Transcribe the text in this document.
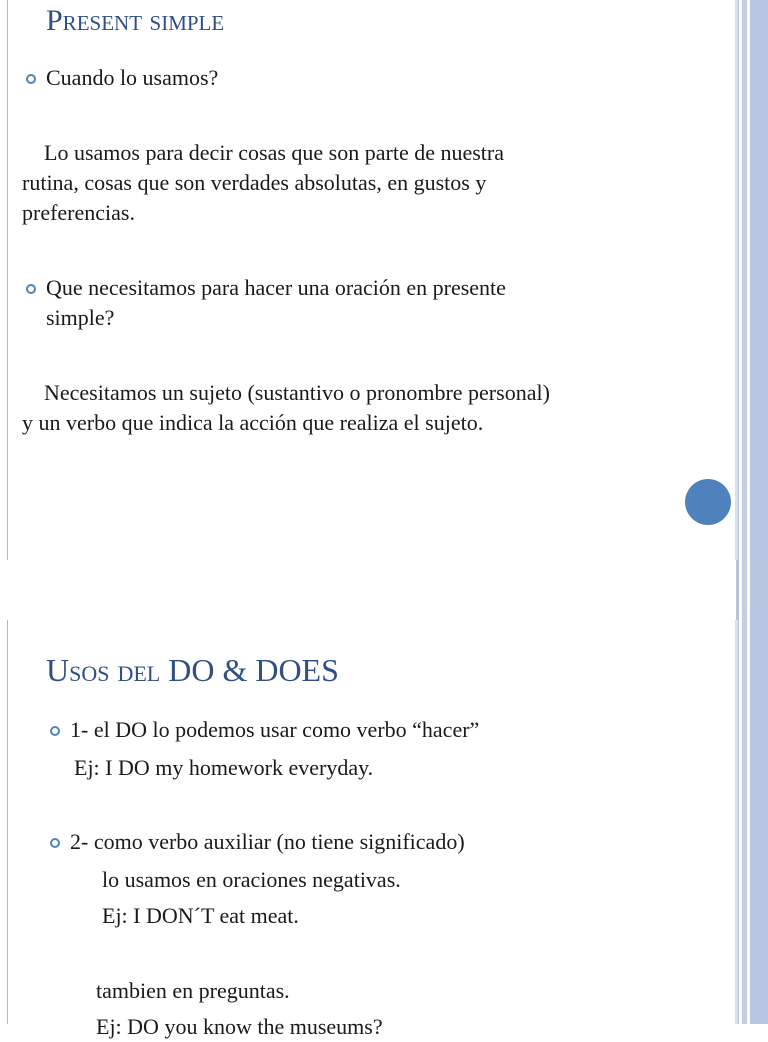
Present simple

Cuando lo usamos?

Lo usamos para decir cosas que son parte de nuestra

rutina, cosas que son verdades absolutas, en gustos y

preferencias.

Que necesitamos para hacer una oración en presente

simple?

Necesitamos un sujeto (sustantivo o pronombre personal)

y un verbo que indica la acción que realiza el sujeto.

Usos del DO & DOES

1- el DO lo podemos usar como verbo “hacer”

Ej: I DO my homework everyday.

2- como verbo auxiliar (no tiene significado)

lo usamos en oraciones negativas.

Ej: I DON´T eat meat.

tambien en preguntas.

Ej: DO you know the museums?
